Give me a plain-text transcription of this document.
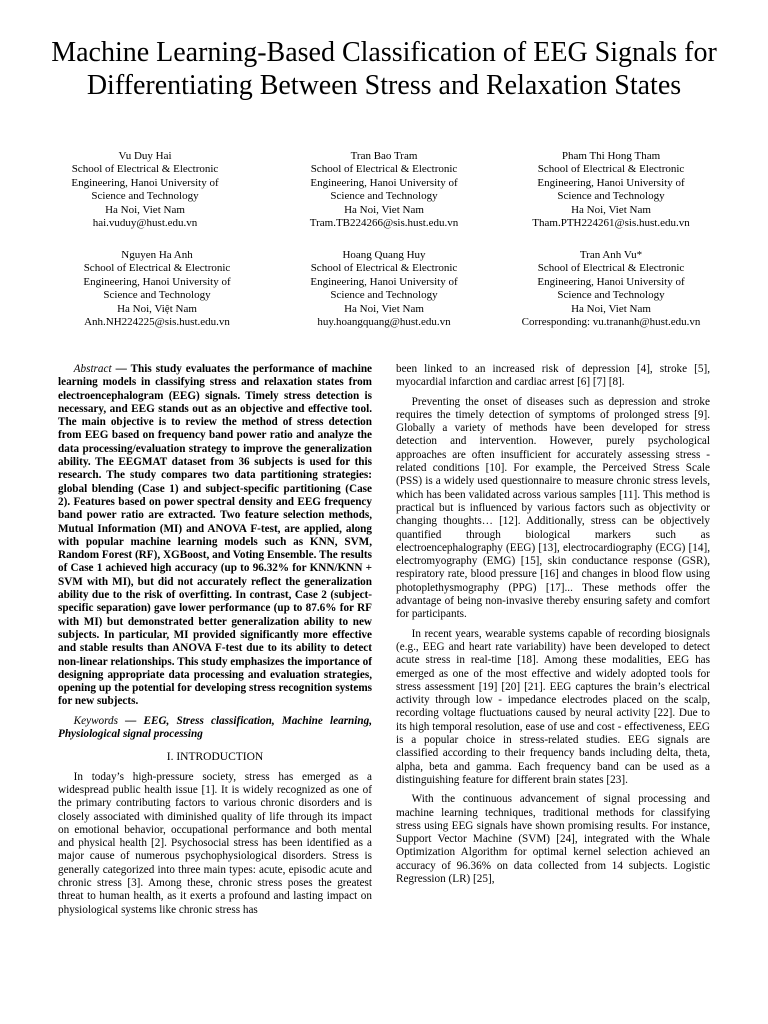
Machine Learning-Based Classification of EEG Signals for Differentiating Between Stress and Relaxation States
Vu Duy Hai
School of Electrical & Electronic
Engineering, Hanoi University of
Science and Technology
Ha Noi, Viet Nam
hai.vuduy@hust.edu.vn
Tran Bao Tram
School of Electrical & Electronic
Engineering, Hanoi University of
Science and Technology
Ha Noi, Viet Nam
Tram.TB224266@sis.hust.edu.vn
Pham Thi Hong Tham
School of Electrical & Electronic
Engineering, Hanoi University of
Science and Technology
Ha Noi, Viet Nam
Tham.PTH224261@sis.hust.edu.vn
Nguyen Ha Anh
School of Electrical & Electronic
Engineering, Hanoi University of
Science and Technology
Ha Noi, Việt Nam
Anh.NH224225@sis.hust.edu.vn
Hoang Quang Huy
School of Electrical & Electronic
Engineering, Hanoi University of
Science and Technology
Ha Noi, Viet Nam
huy.hoangquang@hust.edu.vn
Tran Anh Vu*
School of Electrical & Electronic
Engineering, Hanoi University of
Science and Technology
Ha Noi, Viet Nam
Corresponding: vu.trananh@hust.edu.vn

Abstract — This study evaluates the performance of machine learning models in classifying stress and relaxation states from electroencephalogram (EEG) signals. Timely stress detection is necessary, and EEG stands out as an objective and effective tool. The main objective is to review the method of stress detection from EEG based on frequency band power ratio and analyze the data processing/evaluation strategy to improve the generalization ability. The EEGMAT dataset from 36 subjects is used for this research. The study compares two data partitioning strategies: global blending (Case 1) and subject-specific partitioning (Case 2). Features based on power spectral density and EEG frequency band power ratio are extracted. Two feature selection methods, Mutual Information (MI) and ANOVA F-test, are applied, along with popular machine learning models such as KNN, SVM, Random Forest (RF), XGBoost, and Voting Ensemble. The results of Case 1 achieved high accuracy (up to 96.32% for KNN/KNN + SVM with MI), but did not accurately reflect the generalization ability due to the risk of overfitting. In contrast, Case 2 (subject-specific separation) gave lower performance (up to 87.6% for RF with MI) but demonstrated better generalization ability to new subjects. In particular, MI provided significantly more effective and stable results than ANOVA F-test due to its ability to detect non-linear relationships. This study emphasizes the importance of designing appropriate data processing and evaluation strategies, opening up the potential for developing stress recognition systems for new subjects.

Keywords — EEG, Stress classification, Machine learning, Physiological signal processing

I. INTRODUCTION

In today’s high-pressure society, stress has emerged as a widespread public health issue [1]. It is widely recognized as one of the primary contributing factors to various chronic disorders and is closely associated with diminished quality of life through its impact on emotional behavior, occupational performance and both mental and physical health [2]. Psychosocial stress has been identified as a major cause of numerous psychophysiological disorders. Stress is generally categorized into three main types: acute, episodic acute and chronic stress [3]. Among these, chronic stress poses the greatest threat to human health, as it exerts a profound and lasting impact on physiological systems like chronic stress has

been linked to an increased risk of depression [4], stroke [5], myocardial infarction and cardiac arrest [6] [7] [8].

Preventing the onset of diseases such as depression and stroke requires the timely detection of symptoms of prolonged stress [9]. Globally a variety of methods have been developed for stress detection and intervention. However, purely psychological approaches are often insufficient for accurately assessing stress - related conditions [10]. For example, the Perceived Stress Scale (PSS) is a widely used questionnaire to measure chronic stress levels, which has been validated across various samples [11]. This method is practical but is influenced by various factors such as objectivity or changing thoughts… [12]. Additionally, stress can be objectively quantified through biological markers such as electroencephalography (EEG) [13], electrocardiography (ECG) [14], electromyography (EMG) [15], skin conductance response (GSR), respiratory rate, blood pressure [16] and changes in blood flow using photoplethysmography (PPG) [17]... These methods offer the advantage of being non-invasive thereby ensuring safety and comfort for participants.

In recent years, wearable systems capable of recording biosignals (e.g., EEG and heart rate variability) have been developed to detect acute stress in real-time [18]. Among these modalities, EEG has emerged as one of the most effective and widely adopted tools for stress assessment [19] [20] [21]. EEG captures the brain’s electrical activity through low - impedance electrodes placed on the scalp, recording voltage fluctuations caused by neural activity [22]. Due to its high temporal resolution, ease of use and cost - effectiveness, EEG is a popular choice in stress-related studies. EEG signals are classified according to their frequency bands including delta, theta, alpha, beta and gamma. Each frequency band can be used as a distinguishing feature for different brain states [23].

With the continuous advancement of signal processing and machine learning techniques, traditional methods for classifying stress using EEG signals have shown promising results. For instance, Support Vector Machine (SVM) [24], integrated with the Whale Optimization Algorithm for optimal kernel selection achieved an accuracy of 96.36% on data collected from 14 subjects. Logistic Regression (LR) [25],
